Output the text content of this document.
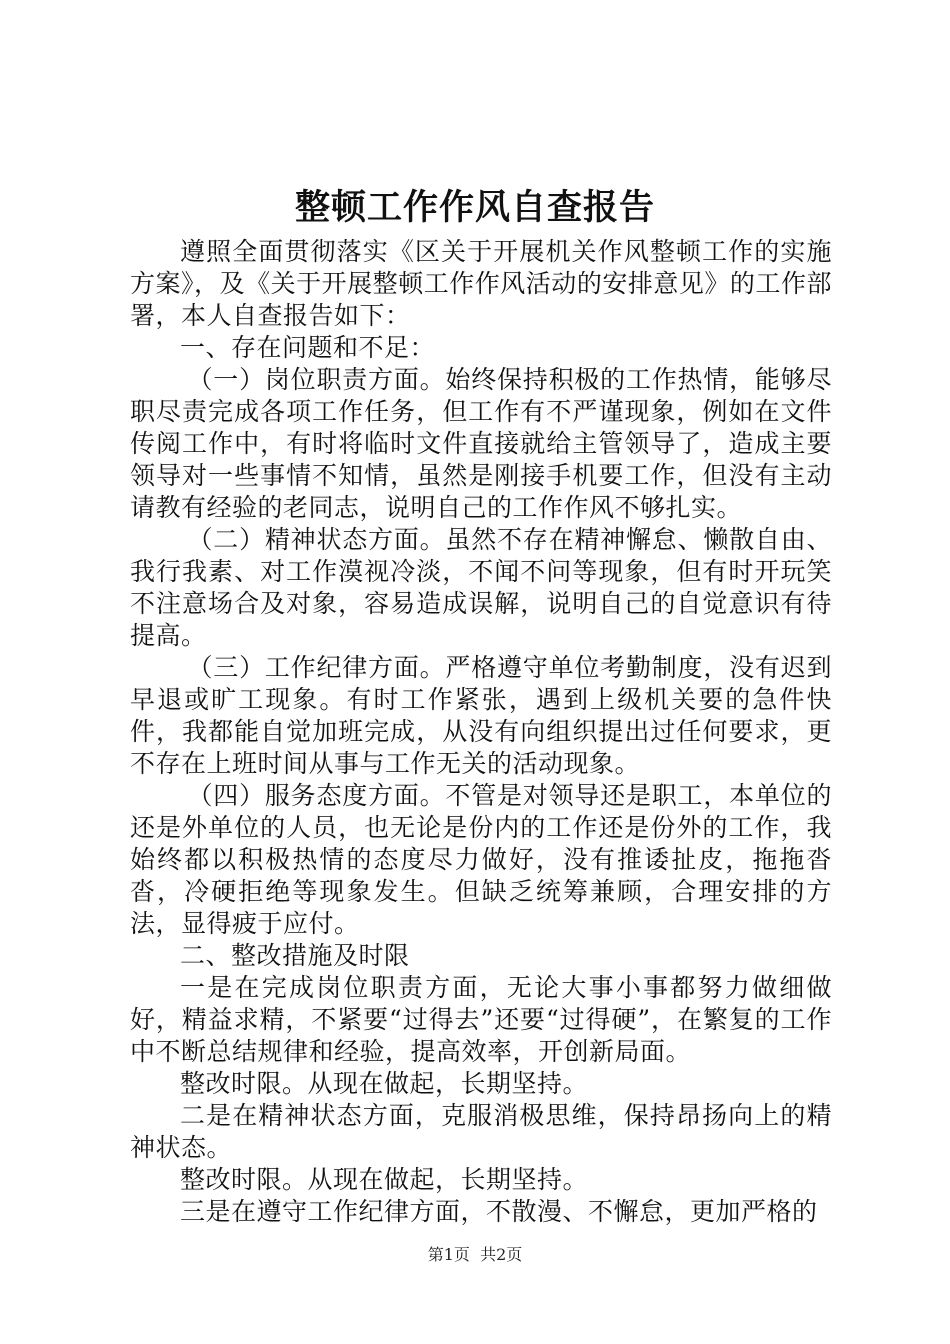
整顿工作作风自查报告

遵照全面贯彻落实《区关于开展机关作风整顿工作的实施方案》，及《关于开展整顿工作作风活动的安排意见》的工作部署，本人自查报告如下：

一、存在问题和不足：

（一）岗位职责方面。始终保持积极的工作热情，能够尽职尽责完成各项工作任务，但工作有不严谨现象，例如在文件传阅工作中，有时将临时文件直接就给主管领导了，造成主要领导对一些事情不知情，虽然是刚接手机要工作，但没有主动请教有经验的老同志，说明自己的工作作风不够扎实。

（二）精神状态方面。虽然不存在精神懈怠、懒散自由、我行我素、对工作漠视冷淡，不闻不问等现象，但有时开玩笑不注意场合及对象，容易造成误解，说明自己的自觉意识有待提高。

（三）工作纪律方面。严格遵守单位考勤制度，没有迟到早退或旷工现象。有时工作紧张，遇到上级机关要的急件快件，我都能自觉加班完成，从没有向组织提出过任何要求，更不存在上班时间从事与工作无关的活动现象。

（四）服务态度方面。不管是对领导还是职工，本单位的还是外单位的人员，也无论是份内的工作还是份外的工作，我始终都以积极热情的态度尽力做好，没有推诿扯皮，拖拖沓沓，冷硬拒绝等现象发生。但缺乏统筹兼顾，合理安排的方法，显得疲于应付。

二、整改措施及时限

一是在完成岗位职责方面，无论大事小事都努力做细做好，精益求精，不紧要“过得去”还要“过得硬”，在繁复的工作中不断总结规律和经验，提高效率，开创新局面。

整改时限。从现在做起，长期坚持。

二是在精神状态方面，克服消极思维，保持昂扬向上的精神状态。

整改时限。从现在做起，长期坚持。

三是在遵守工作纪律方面，不散漫、不懈怠，更加严格的

第1页 共2页
